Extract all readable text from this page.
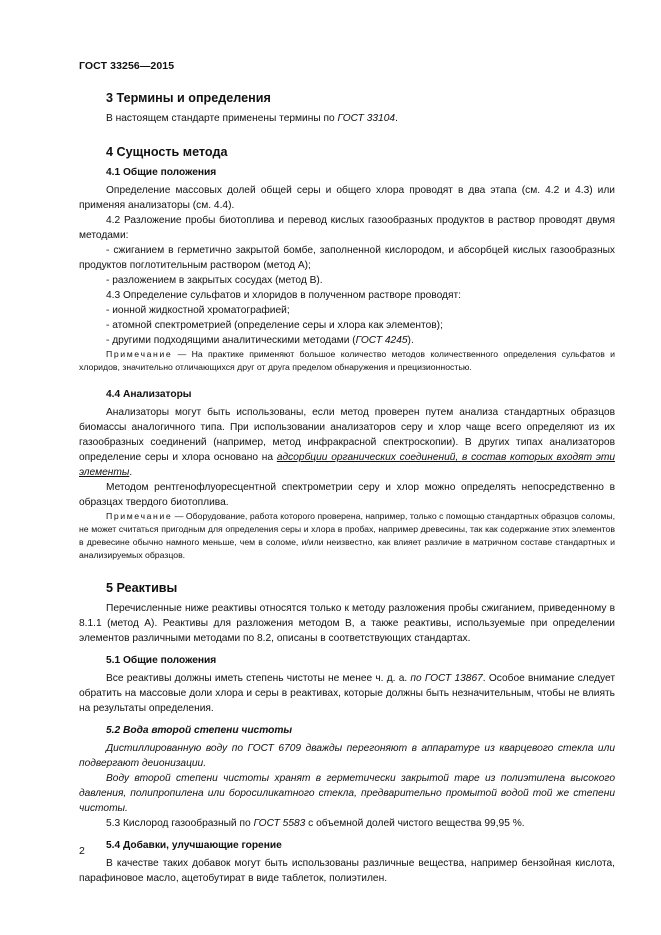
ГОСТ 33256—2015

3 Термины и определения

В настоящем стандарте применены термины по ГОСТ 33104.

4 Сущность метода

4.1 Общие положения

Определение массовых долей общей серы и общего хлора проводят в два этапа (см. 4.2 и 4.3) или применяя анализаторы (см. 4.4).

4.2 Разложение пробы биотоплива и перевод кислых газообразных продуктов в раствор проводят двумя методами:

- сжиганием в герметично закрытой бомбе, заполненной кислородом, и абсорбцей кислых газообразных продуктов поглотительным раствором (метод А);

- разложением в закрытых сосудах (метод В).

4.3 Определение сульфатов и хлоридов в полученном растворе проводят:

- ионной жидкостной хроматографией;

- атомной спектрометрией (определение серы и хлора как элементов);

- другими подходящими аналитическими методами (ГОСТ 4245).

Примечание — На практике применяют большое количество методов количественного определения сульфатов и хлоридов, значительно отличающихся друг от друга пределом обнаружения и прецизионностью.

4.4 Анализаторы

Анализаторы могут быть использованы, если метод проверен путем анализа стандартных образцов биомассы аналогичного типа. При использовании анализаторов серу и хлор чаще всего определяют из их газообразных соединений (например, метод инфракрасной спектроскопии). В других типах анализаторов определение серы и хлора основано на адсорбции органических соединений, в состав которых входят эти элементы.

Методом рентгенофлуоресцентной спектрометрии серу и хлор можно определять непосредственно в образцах твердого биотоплива.

Примечание — Оборудование, работа которого проверена, например, только с помощью стандартных образцов соломы, не может считаться пригодным для определения серы и хлора в пробах, например древесины, так как содержание этих элементов в древесине обычно намного меньше, чем в соломе, и/или неизвестно, как влияет различие в матричном составе стандартных и анализируемых образцов.

5 Реактивы

Перечисленные ниже реактивы относятся только к методу разложения пробы сжиганием, приведенному в 8.1.1 (метод А). Реактивы для разложения методом В, а также реактивы, используемые при определении элементов различными методами по 8.2, описаны в соответствующих стандартах.

5.1 Общие положения

Все реактивы должны иметь степень чистоты не менее ч. д. а. по ГОСТ 13867. Особое внимание следует обратить на массовые доли хлора и серы в реактивах, которые должны быть незначительным, чтобы не влиять на результаты определения.

5.2 Вода второй степени чистоты

Дистиллированную воду по ГОСТ 6709 дважды перегоняют в аппаратуре из кварцевого стекла или подвергают деионизации.

Воду второй степени чистоты хранят в герметически закрытой таре из полиэтилена высокого давления, полипропилена или боросиликатного стекла, предварительно промытой водой той же степени чистоты.

5.3 Кислород газообразный по ГОСТ 5583 с объемной долей чистого вещества 99,95 %.

5.4 Добавки, улучшающие горение

В качестве таких добавок могут быть использованы различные вещества, например бензойная кислота, парафиновое масло, ацетобутират в виде таблеток, полиэтилен.

2
